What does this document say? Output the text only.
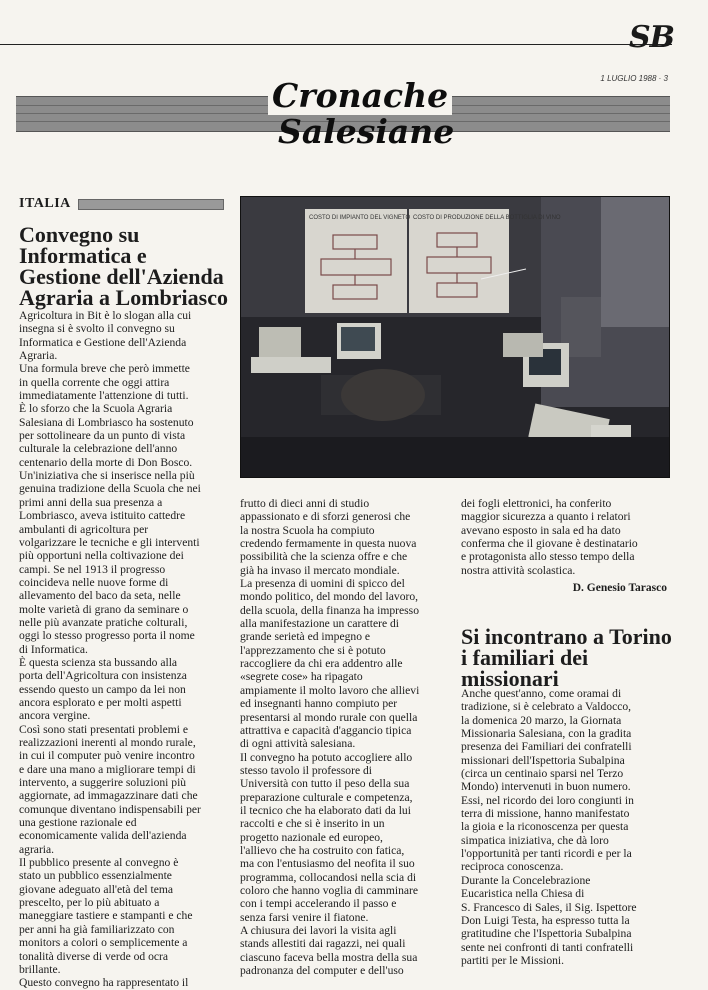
SB
1 LUGLIO 1988 · 3
Cronache
Salesiane
ITALIA
Convegno su Informatica e Gestione dell'Azienda Agraria a Lombriasco

Agricoltura in Bit è lo slogan alla cui
insegna si è svolto il convegno su
Informatica e Gestione dell'Azienda
Agraria.
Una formula breve che però immette
in quella corrente che oggi attira
immediatamente l'attenzione di tutti.
È lo sforzo che la Scuola Agraria
Salesiana di Lombriasco ha sostenuto
per sottolineare da un punto di vista
culturale la celebrazione dell'anno
centenario della morte di Don Bosco.
Un'iniziativa che si inserisce nella più
genuina tradizione della Scuola che nei
primi anni della sua presenza a
Lombriasco, aveva istituito cattedre
ambulanti di agricoltura per
volgarizzare le tecniche e gli interventi
più opportuni nella coltivazione dei
campi. Se nel 1913 il progresso
coincideva nelle nuove forme di
allevamento del baco da seta, nelle
molte varietà di grano da seminare o
nelle più avanzate pratiche colturali,
oggi lo stesso progresso porta il nome
di Informatica.
È questa scienza sta bussando alla
porta dell'Agricoltura con insistenza
essendo questo un campo da lei non
ancora esplorato e per molti aspetti
ancora vergine.
Così sono stati presentati problemi e
realizzazioni inerenti al mondo rurale,
in cui il computer può venire incontro
e dare una mano a migliorare tempi di
intervento, a suggerire soluzioni più
aggiornate, ad immagazzinare dati che
comunque diventano indispensabili per
una gestione razionale ed
economicamente valida dell'azienda
agraria.
Il pubblico presente al convegno è
stato un pubblico essenzialmente
giovane adeguato all'età del tema
prescelto, per lo più abituato a
maneggiare tastiere e stampanti e che
per anni ha già familiarizzato con
monitors a colori o semplicemente a
tonalità diverse di verde od ocra
brillante.
Questo convegno ha rappresentato il

COSTO DI IMPIANTO DEL VIGNETO COSTO DI PRODUZIONE DELLA BOTTIGLIA DI VINO

frutto di dieci anni di studio
appassionato e di sforzi generosi che
la nostra Scuola ha compiuto
credendo fermamente in questa nuova
possibilità che la scienza offre e che
già ha invaso il mercato mondiale.
La presenza di uomini di spicco del
mondo politico, del mondo del lavoro,
della scuola, della finanza ha impresso
alla manifestazione un carattere di
grande serietà ed impegno e
l'apprezzamento che si è potuto
raccogliere da chi era addentro alle
«segrete cose» ha ripagato
ampiamente il molto lavoro che allievi
ed insegnanti hanno compiuto per
presentarsi al mondo rurale con quella
attrattiva e capacità d'aggancio tipica
di ogni attività salesiana.
Il convegno ha potuto accogliere allo
stesso tavolo il professore di
Università con tutto il peso della sua
preparazione culturale e competenza,
il tecnico che ha elaborato dati da lui
raccolti e che si è inserito in un
progetto nazionale ed europeo,
l'allievo che ha costruito con fatica,
ma con l'entusiasmo del neofita il suo
programma, collocandosi nella scia di
coloro che hanno voglia di camminare
con i tempi accelerando il passo e
senza farsi venire il fiatone.
A chiusura dei lavori la visita agli
stands allestiti dai ragazzi, nei quali
ciascuno faceva bella mostra della sua
padronanza del computer e dell'uso

dei fogli elettronici, ha conferito
maggior sicurezza a quanto i relatori
avevano esposto in sala ed ha dato
conferma che il giovane è destinatario
e protagonista allo stesso tempo della
nostra attività scolastica.

D. Genesio Tarasco
Si incontrano a Torino i familiari dei missionari

Anche quest'anno, come oramai di
tradizione, si è celebrato a Valdocco,
la domenica 20 marzo, la Giornata
Missionaria Salesiana, con la gradita
presenza dei Familiari dei confratelli
missionari dell'Ispettoria Subalpina
(circa un centinaio sparsi nel Terzo
Mondo) intervenuti in buon numero.
Essi, nel ricordo dei loro congiunti in
terra di missione, hanno manifestato
la gioia e la riconoscenza per questa
simpatica iniziativa, che dà loro
l'opportunità per tanti ricordi e per la
reciproca conoscenza.
Durante la Concelebrazione
Eucaristica nella Chiesa di
S. Francesco di Sales, il Sig. Ispettore
Don Luigi Testa, ha espresso tutta la
gratitudine che l'Ispettoria Subalpina
sente nei confronti di tanti confratelli
partiti per le Missioni.
